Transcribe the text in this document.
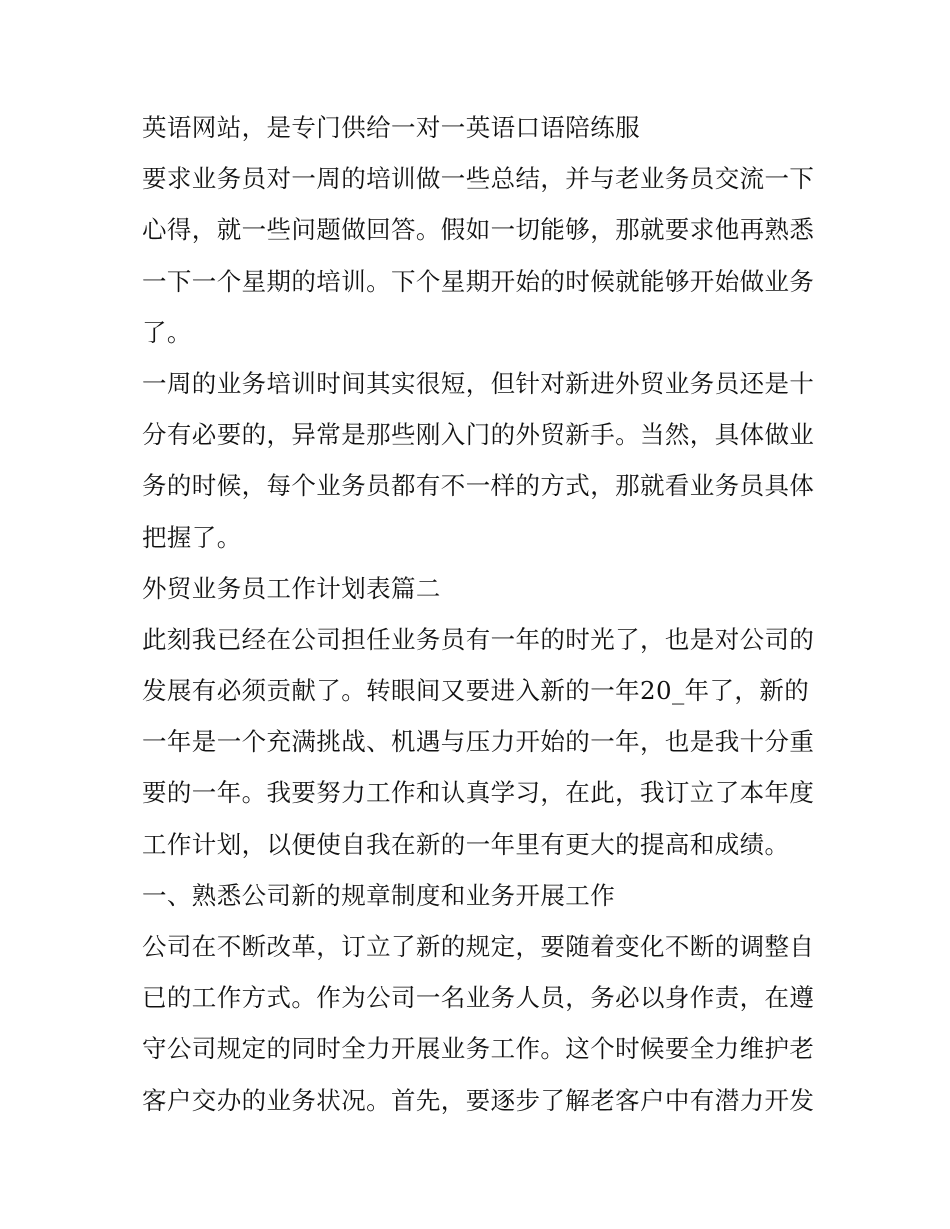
英语网站，是专门供给一对一英语口语陪练服
要求业务员对一周的培训做一些总结，并与老业务员交流一下
心得，就一些问题做回答。假如一切能够，那就要求他再熟悉
一下一个星期的培训。下个星期开始的时候就能够开始做业务
了。
一周的业务培训时间其实很短，但针对新进外贸业务员还是十
分有必要的，异常是那些刚入门的外贸新手。当然，具体做业
务的时候，每个业务员都有不一样的方式，那就看业务员具体
把握了。
外贸业务员工作计划表篇二
此刻我已经在公司担任业务员有一年的时光了，也是对公司的
发展有必须贡献了。转眼间又要进入新的一年20_年了，新的
一年是一个充满挑战、机遇与压力开始的一年，也是我十分重
要的一年。我要努力工作和认真学习，在此，我订立了本年度
工作计划，以便使自我在新的一年里有更大的提高和成绩。
一、熟悉公司新的规章制度和业务开展工作
公司在不断改革，订立了新的规定，要随着变化不断的调整自
已的工作方式。作为公司一名业务人员，务必以身作责，在遵
守公司规定的同时全力开展业务工作。这个时候要全力维护老
客户交办的业务状况。首先，要逐步了解老客户中有潜力开发
